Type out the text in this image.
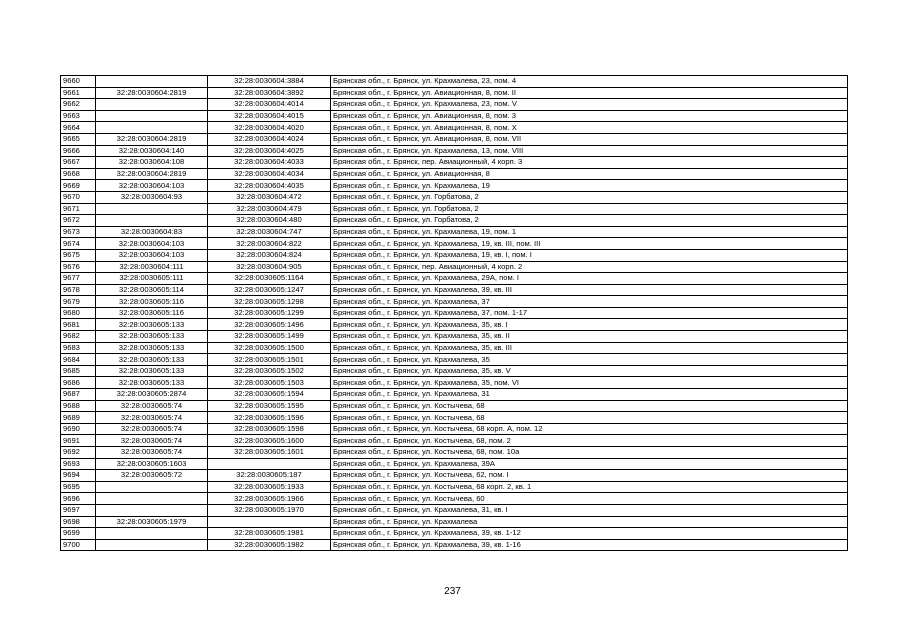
9660		32:28:0030604:3884	Брянская обл., г. Брянск, ул. Крахмалева, 23, пом. 4
9661	32:28:0030604:2819	32:28:0030604:3892	Брянская обл., г. Брянск, ул. Авиационная, 8, пом. II
9662		32:28:0030604:4014	Брянская обл., г. Брянск, ул. Крахмалева, 23, пом. V
9663		32:28:0030604:4015	Брянская обл., г. Брянск, ул. Авиационная, 8, пом. 3
9664		32:28:0030604:4020	Брянская обл., г. Брянск, ул. Авиационная, 8, пом. X
9665	32:28:0030604:2819	32:28:0030604:4024	Брянская обл., г. Брянск, ул. Авиационная, 8, пом. VII
9666	32:28:0030604:140	32:28:0030604:4025	Брянская обл., г. Брянск, ул. Крахмалева, 13, пом. VIII
9667	32:28:0030604:108	32:28:0030604:4033	Брянская обл., г. Брянск, пер. Авиационный, 4 корп. 3
9668	32:28:0030604:2819	32:28:0030604:4034	Брянская обл., г. Брянск, ул. Авиационная, 8
9669	32:28:0030604:103	32:28:0030604:4035	Брянская обл., г. Брянск, ул. Крахмалева, 19
9670	32:28:0030604:93	32:28:0030604:472	Брянская обл., г. Брянск, ул. Горбатова, 2
9671		32:28:0030604:479	Брянская обл., г. Брянск, ул. Горбатова, 2
9672		32:28:0030604:480	Брянская обл., г. Брянск, ул. Горбатова, 2
9673	32:28:0030604:83	32:28:0030604:747	Брянская обл., г. Брянск, ул. Крахмалева, 19, пом. 1
9674	32:28:0030604:103	32:28:0030604:822	Брянская обл., г. Брянск, ул. Крахмалева, 19, кв. III, пом. III
9675	32:28:0030604:103	32:28:0030604:824	Брянская обл., г. Брянск, ул. Крахмалева, 19, кв. I, пом. I
9676	32:28:0030604:111	32:28:0030604:905	Брянская обл., г. Брянск, пер. Авиационный, 4 корп. 2
9677	32:28:0030605:111	32:28:0030605:1164	Брянская обл., г. Брянск, ул. Крахмалева, 29А, пом. I
9678	32:28:0030605:114	32:28:0030605:1247	Брянская обл., г. Брянск, ул. Крахмалева, 39, кв. III
9679	32:28:0030605:116	32:28:0030605:1298	Брянская обл., г. Брянск, ул. Крахмалева, 37
9680	32:28:0030605:116	32:28:0030605:1299	Брянская обл., г. Брянск, ул. Крахмалева, 37, пом. 1-17
9681	32:28:0030605:133	32:28:0030605:1496	Брянская обл., г. Брянск, ул. Крахмалева, 35, кв. I
9682	32:28:0030605:133	32:28:0030605:1499	Брянская обл., г. Брянск, ул. Крахмалева, 35, кв. II
9683	32:28:0030605:133	32:28:0030605:1500	Брянская обл., г. Брянск, ул. Крахмалева, 35, кв. III
9684	32:28:0030605:133	32:28:0030605:1501	Брянская обл., г. Брянск, ул. Крахмалева, 35
9685	32:28:0030605:133	32:28:0030605:1502	Брянская обл., г. Брянск, ул. Крахмалева, 35, кв. V
9686	32:28:0030605:133	32:28:0030605:1503	Брянская обл., г. Брянск, ул. Крахмалева, 35, пом. VI
9687	32:28:0030605:2874	32:28:0030605:1594	Брянская обл., г. Брянск, ул. Крахмалева, 31
9688	32:28:0030605:74	32:28:0030605:1595	Брянская обл., г. Брянск, ул. Костычева, 68
9689	32:28:0030605:74	32:28:0030605:1596	Брянская обл., г. Брянск, ул. Костычева, 68
9690	32:28:0030605:74	32:28:0030605:1598	Брянская обл., г. Брянск, ул. Костычева, 68 корп. А, пом. 12
9691	32:28:0030605:74	32:28:0030605:1600	Брянская обл., г. Брянск, ул. Костычева, 68, пом. 2
9692	32:28:0030605:74	32:28:0030605:1601	Брянская обл., г. Брянск, ул. Костычева, 68, пом. 10а
9693	32:28:0030605:1603		Брянская обл., г. Брянск, ул. Крахмалева, 39А
9694	32:28:0030605:72	32:28:0030605:187	Брянская обл., г. Брянск, ул. Костычева, 62, пом. I
9695		32:28:0030605:1933	Брянская обл., г. Брянск, ул. Костычева, 68 корп. 2, кв. 1
9696		32:28:0030605:1966	Брянская обл., г. Брянск, ул. Костычева, 60
9697		32:28:0030605:1970	Брянская обл., г. Брянск, ул. Крахмалева, 31, кв. I
9698	32:28:0030605:1979		Брянская обл., г. Брянск, ул. Крахмалева
9699		32:28:0030605:1981	Брянская обл., г. Брянск, ул. Крахмалева, 39, кв. 1-12
9700		32:28:0030605:1982	Брянская обл., г. Брянск, ул. Крахмалева, 39, кв. 1-16
237
